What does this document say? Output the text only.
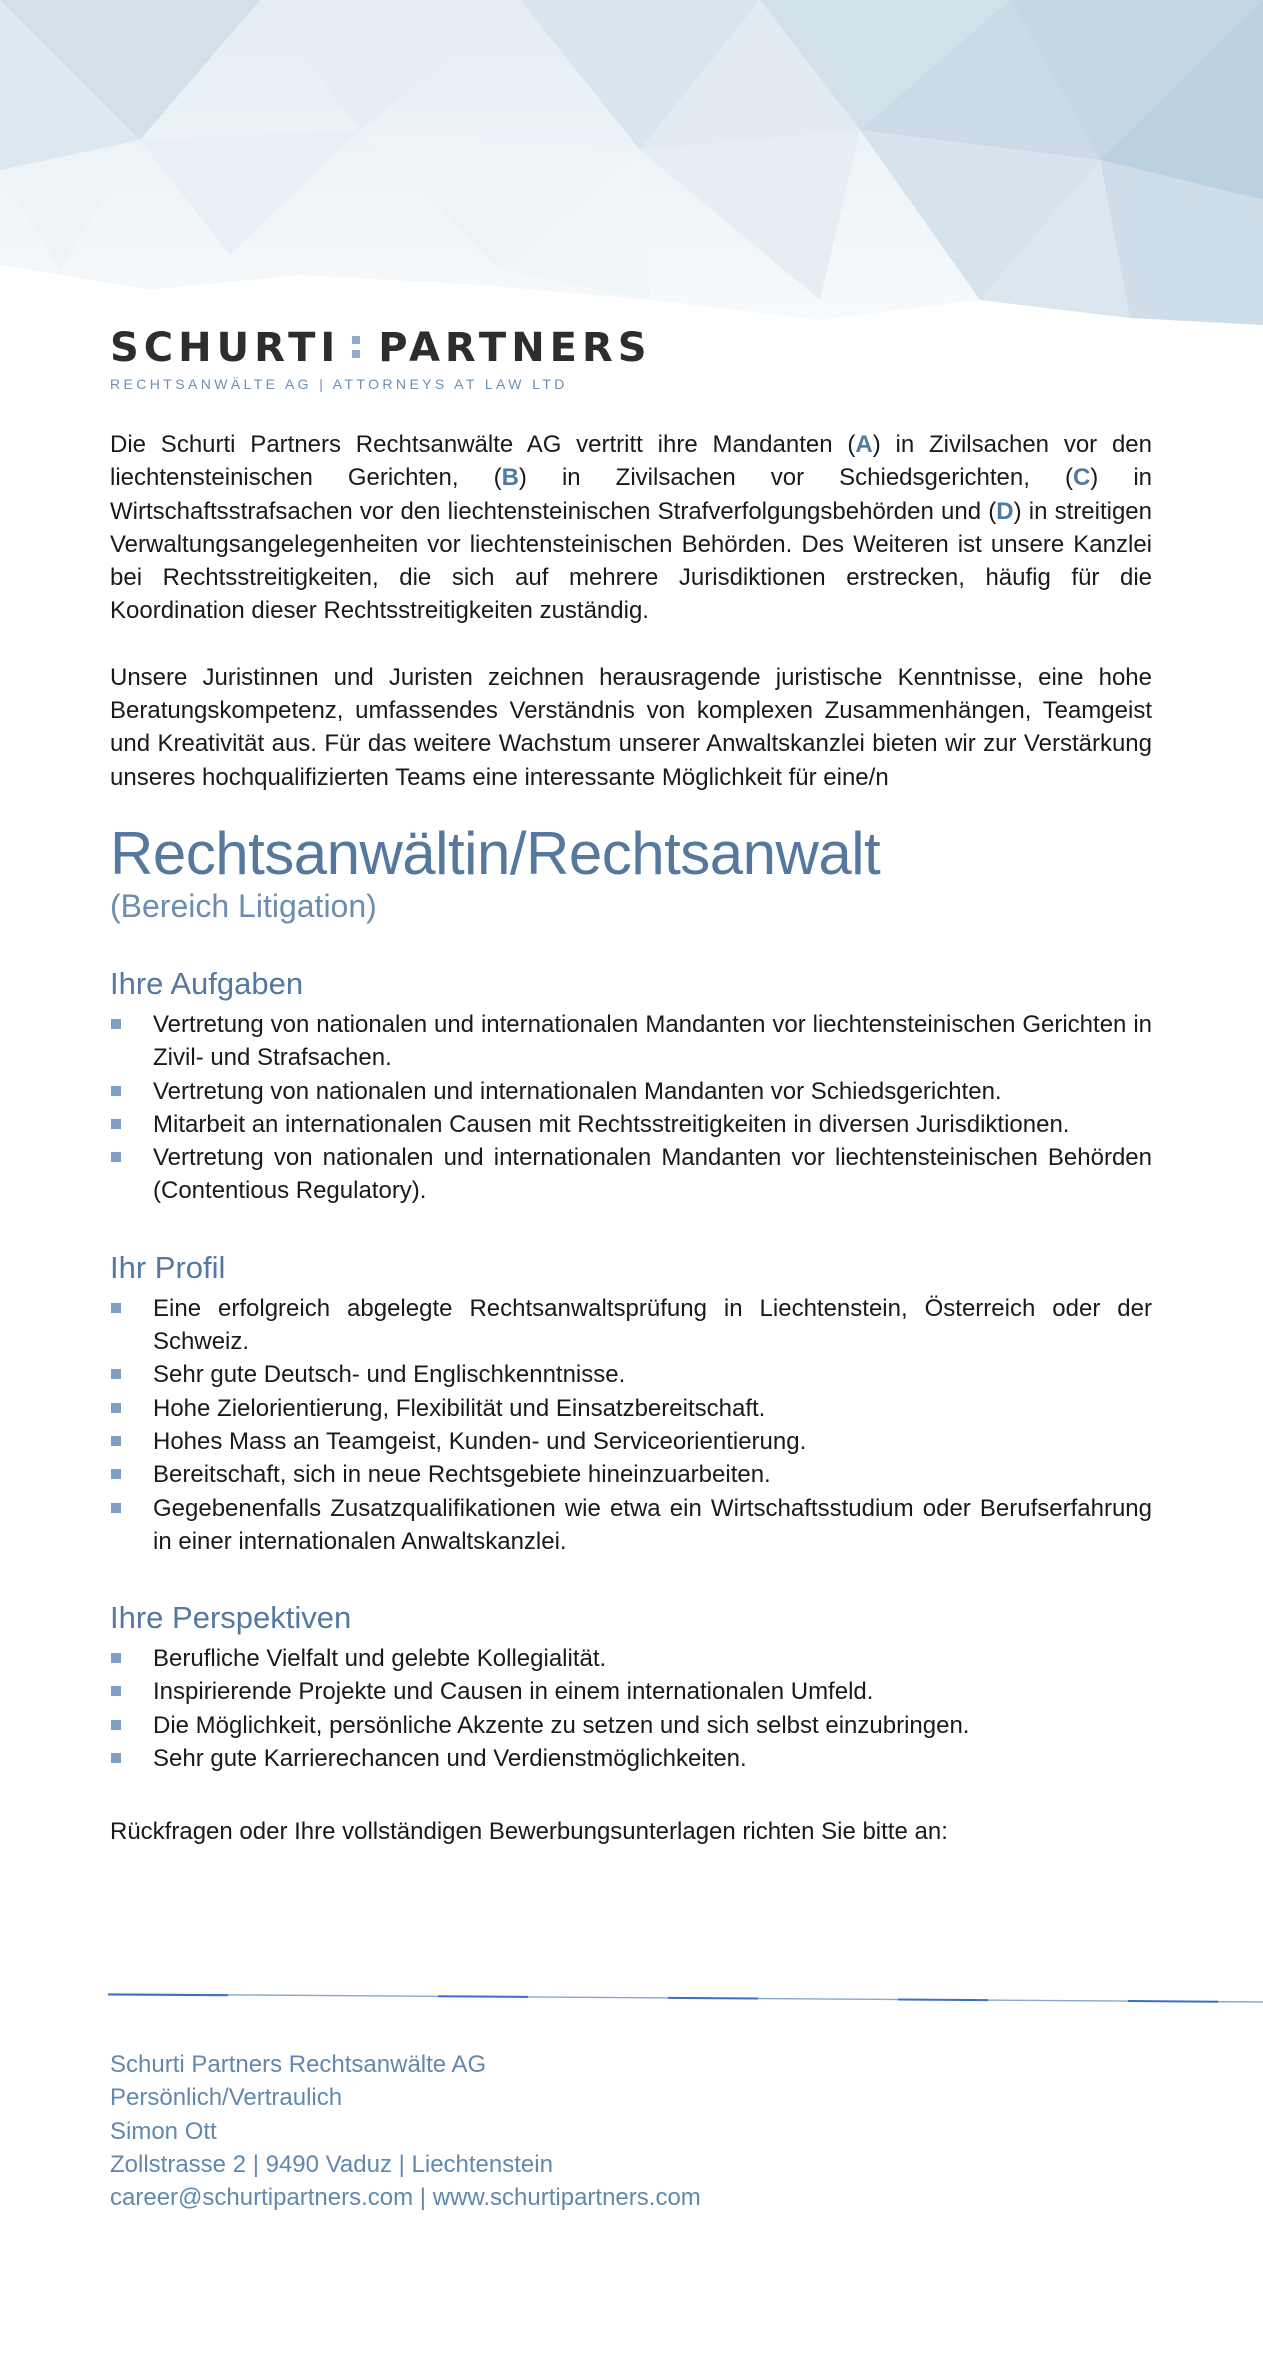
SCHURTI PARTNERS
RECHTSANWÄLTE AG | ATTORNEYS AT LAW LTD

Die Schurti Partners Rechtsanwälte AG vertritt ihre Mandanten (A) in Zivilsachen vor den liechtensteinischen Gerichten, (B) in Zivilsachen vor Schiedsgerichten, (C) in Wirtschaftsstrafsachen vor den liechtensteinischen Strafverfolgungsbehörden und (D) in streitigen Verwaltungsangelegenheiten vor liechtensteinischen Behörden. Des Weiteren ist unsere Kanzlei bei Rechtsstreitigkeiten, die sich auf mehrere Jurisdiktionen erstrecken, häufig für die Koordination dieser Rechtsstreitigkeiten zuständig.

Unsere Juristinnen und Juristen zeichnen herausragende juristische Kenntnisse, eine hohe Beratungskompetenz, umfassendes Verständnis von komplexen Zusammenhängen, Teamgeist und Kreativität aus. Für das weitere Wachstum unserer Anwaltskanzlei bieten wir zur Verstärkung unseres hochqualifizierten Teams eine interessante Möglichkeit für eine/n

Rechtsanwältin/Rechtsanwalt
(Bereich Litigation)
Ihre Aufgaben
Vertretung von nationalen und internationalen Mandanten vor liechtensteinischen Gerichten in Zivil- und Strafsachen.
Vertretung von nationalen und internationalen Mandanten vor Schiedsgerichten.
Mitarbeit an internationalen Causen mit Rechtsstreitigkeiten in diversen Jurisdiktionen.
Vertretung von nationalen und internationalen Mandanten vor liechtensteinischen Behörden (Contentious Regulatory).
Ihr Profil
Eine erfolgreich abgelegte Rechtsanwaltsprüfung in Liechtenstein, Österreich oder der Schweiz.
Sehr gute Deutsch- und Englischkenntnisse.
Hohe Zielorientierung, Flexibilität und Einsatzbereitschaft.
Hohes Mass an Teamgeist, Kunden- und Serviceorientierung.
Bereitschaft, sich in neue Rechtsgebiete hineinzuarbeiten.
Gegebenenfalls Zusatzqualifikationen wie etwa ein Wirtschaftsstudium oder Berufserfahrung in einer internationalen Anwaltskanzlei.
Ihre Perspektiven
Berufliche Vielfalt und gelebte Kollegialität.
Inspirierende Projekte und Causen in einem internationalen Umfeld.
Die Möglichkeit, persönliche Akzente zu setzen und sich selbst einzubringen.
Sehr gute Karrierechancen und Verdienstmöglichkeiten.

Rückfragen oder Ihre vollständigen Bewerbungsunterlagen richten Sie bitte an:

Schurti Partners Rechtsanwälte AG
Persönlich/Vertraulich
Simon Ott
Zollstrasse 2 | 9490 Vaduz | Liechtenstein
career@schurtipartners.com | www.schurtipartners.com
